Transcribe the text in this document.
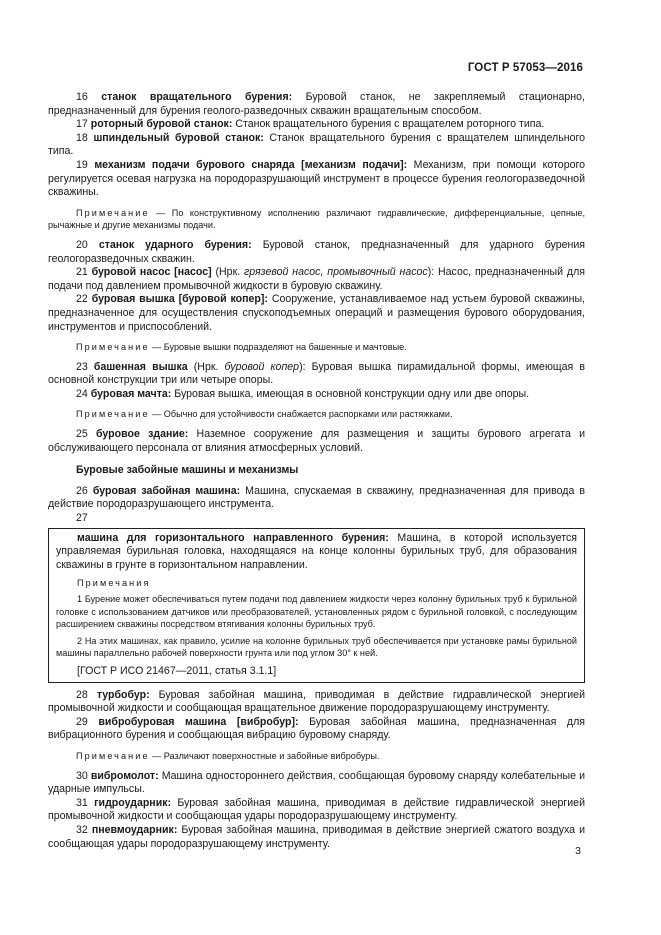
ГОСТ Р 57053—2016

16 станок вращательного бурения: Буровой станок, не закрепляемый стационарно, предназначенный для бурения геолого-разведочных скважин вращательным способом.

17 роторный буровой станок: Станок вращательного бурения с вращателем роторного типа.

18 шпиндельный буровой станок: Станок вращательного бурения с вращателем шпиндельного типа.

19 механизм подачи бурового снаряда [механизм подачи]: Механизм, при помощи которого регулируется осевая нагрузка на породоразрушающий инструмент в процессе бурения геологоразведочной скважины.

Примечание — По конструктивному исполнению различают гидравлические, дифференциальные, цепные, рычажные и другие механизмы подачи.

20 станок ударного бурения: Буровой станок, предназначенный для ударного бурения геологоразведочных скважин.

21 буровой насос [насос] (Нрк. грязевой насос, промывочный насос): Насос, предназначенный для подачи под давлением промывочной жидкости в буровую скважину.

22 буровая вышка [буровой копер]: Сооружение, устанавливаемое над устьем буровой скважины, предназначенное для осуществления спускоподъемных операций и размещения бурового оборудования, инструментов и приспособлений.

Примечание — Буровые вышки подразделяют на башенные и мачтовые.

23 башенная вышка (Нрк. буровой копер): Буровая вышка пирамидальной формы, имеющая в основной конструкции три или четыре опоры.

24 буровая мачта: Буровая вышка, имеющая в основной конструкции одну или две опоры.

Примечание — Обычно для устойчивости снабжается распорками или растяжками.

25 буровое здание: Наземное сооружение для размещения и защиты бурового агрегата и обслуживающего персонала от влияния атмосферных условий.

Буровые забойные машины и механизмы

26 буровая забойная машина: Машина, спускаемая в скважину, предназначенная для привода в действие породоразрушающего инструмента.

27

машина для горизонтального направленного бурения: Машина, в которой используется управляемая бурильная головка, находящаяся на конце колонны бурильных труб, для образования скважины в грунте в горизонтальном направлении.

Примечания

1 Бурение может обеспечиваться путем подачи под давлением жидкости через колонну бурильных труб к бурильной головке с использованием датчиков или преобразователей, установленных рядом с бурильной головкой, с последующим расширением скважины посредством втягивания колонны бурильных труб.

2 На этих машинах, как правило, усилие на колонне бурильных труб обеспечивается при установке рамы бурильной машины параллельно рабочей поверхности грунта или под углом 30° к ней.

[ГОСТ Р ИСО 21467—2011, статья 3.1.1]

28 турбобур: Буровая забойная машина, приводимая в действие гидравлической энергией промывочной жидкости и сообщающая вращательное движение породоразрушающему инструменту.

29 вибробуровая машина [вибробур]: Буровая забойная машина, предназначенная для вибрационного бурения и сообщающая вибрацию буровому снаряду.

Примечание — Различают поверхностные и забойные вибробуры.

30 вибромолот: Машина одностороннего действия, сообщающая буровому снаряду колебательные и ударные импульсы.

31 гидроударник: Буровая забойная машина, приводимая в действие гидравлической энергией промывочной жидкости и сообщающая удары породоразрушающему инструменту.

32 пневмоударник: Буровая забойная машина, приводимая в действие энергией сжатого воздуха и сообщающая удары породоразрушающему инструменту.

3
